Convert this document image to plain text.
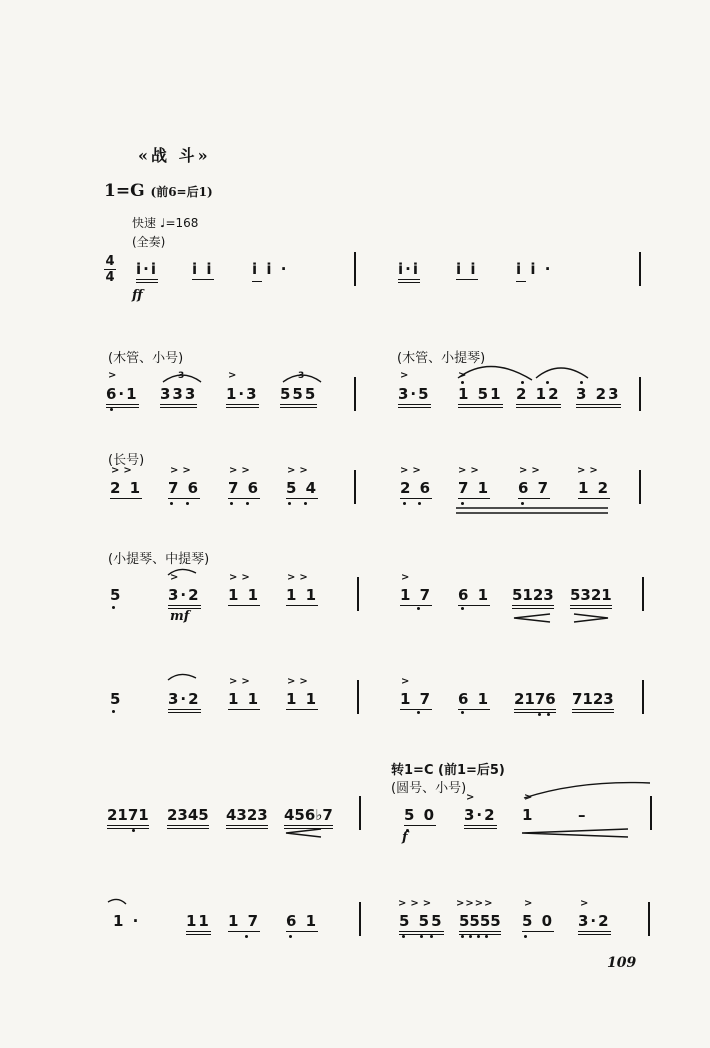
«战 斗»
1=G (前6=后1)
快速 ♩=168
(全奏)
4
4 i·i i i	i i ·	i·i i i	i i ·
ff
(木管、小号)	(木管、小提琴)
>	>	>	>
6·1 333 1·3 555	3·5 1 51 2 12 3 23
(长号)
>>	>>	>>	>>	>>	>>	>>	>>
2 1 7 6 7 6 5 4	2 6 7 1 6 7 1 2
(小提琴、中提琴)
>	>>	>>	>
5	3·2 1 1 1 1	1 7 6 1 5123 5321
mf
>>	>>	>
5	3·2 1 1 1 1	1 7 6 1 2176 7123
转1=C (前1=后5)
(圆号、小号)
>	>
2171 2345 4323 456♭7	5 0 3·2 1	–
f
>>> >>>>	>	>
1 ·	11 1 7 6 1	5 55 5555 5 0 3·2
3	3
109
